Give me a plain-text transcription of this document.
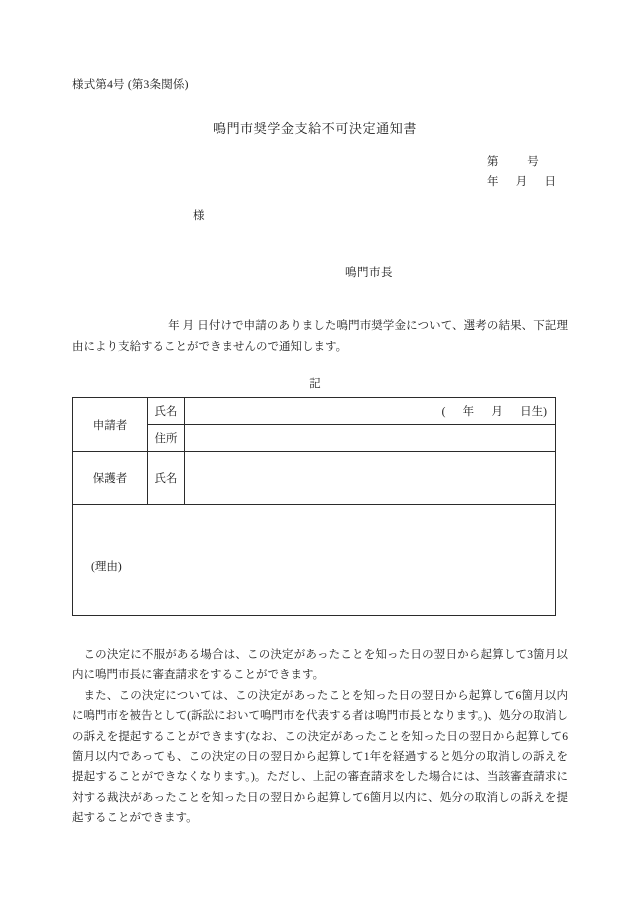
様式第4号 (第3条関係)
鳴門市奨学金支給不可決定通知書
第          号
年      月      日
様
鳴門市長
年 月 日付けで申請のありました鳴門市奨学金について、選考の結果、下記理由により支給することができませんので通知します。
記
申請者	氏名	(      年      月      日生)

	住所	
保護者	氏名	

(理由)		

この決定に不服がある場合は、この決定があったことを知った日の翌日から起算して3箇月以内に鳴門市長に審査請求をすることができます。

また、この決定については、この決定があったことを知った日の翌日から起算して6箇月以内に鳴門市を被告として(訴訟において鳴門市を代表する者は鳴門市長となります。)、処分の取消しの訴えを提起することができます(なお、この決定があったことを知った日の翌日から起算して6箇月以内であっても、この決定の日の翌日から起算して1年を経過すると処分の取消しの訴えを提起することができなくなります。)。ただし、上記の審査請求をした場合には、当該審査請求に対する裁決があったことを知った日の翌日から起算して6箇月以内に、処分の取消しの訴えを提起することができます。
